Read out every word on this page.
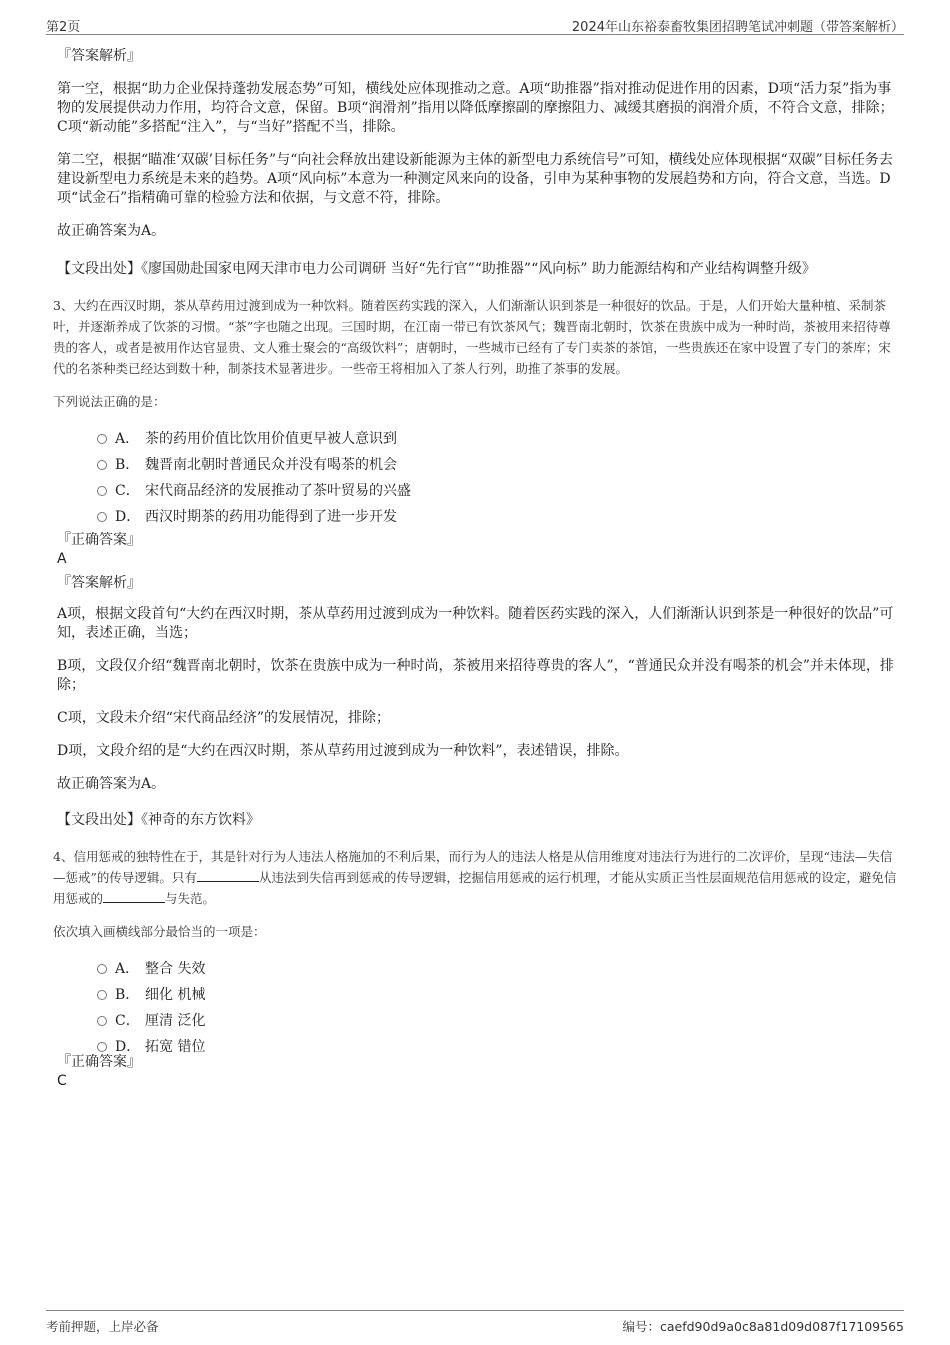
第2页	2024年山东裕泰畜牧集团招聘笔试冲刺题（带答案解析）
『答案解析』

第一空，根据“助力企业保持蓬勃发展态势”可知，横线处应体现推动之意。A项“助推器”指对推动促进作用的因素，D项“活力泵”指为事物的发展提供动力作用，均符合文意，保留。B项“润滑剂”指用以降低摩擦副的摩擦阻力、减缓其磨损的润滑介质，不符合文意，排除；C项“新动能”多搭配“注入”，与“当好”搭配不当，排除。

第二空，根据“瞄准‘双碳’目标任务”与“向社会释放出建设新能源为主体的新型电力系统信号”可知，横线处应体现根据“双碳”目标任务去建设新型电力系统是未来的趋势。A项“风向标”本意为一种测定风来向的设备，引申为某种事物的发展趋势和方向，符合文意，当选。D项“试金石”指精确可靠的检验方法和依据，与文意不符，排除。

故正确答案为A。

【文段出处】《廖国勋赴国家电网天津市电力公司调研 当好“先行官”“助推器”“风向标” 助力能源结构和产业结构调整升级》

3、大约在西汉时期，茶从草药用过渡到成为一种饮料。随着医药实践的深入，人们渐渐认识到茶是一种很好的饮品。于是，人们开始大量种植、采制茶叶，并逐渐养成了饮茶的习惯。“茶”字也随之出现。三国时期，在江南一带已有饮茶风气；魏晋南北朝时，饮茶在贵族中成为一种时尚，茶被用来招待尊贵的客人，或者是被用作达官显贵、文人雅士聚会的“高级饮料”；唐朝时，一些城市已经有了专门卖茶的茶馆，一些贵族还在家中设置了专门的茶库；宋代的名茶种类已经达到数十种，制茶技术显著进步。一些帝王将相加入了茶人行列，助推了茶事的发展。

下列说法正确的是：

A． 茶的药用价值比饮用价值更早被人意识到
B． 魏晋南北朝时普通民众并没有喝茶的机会
C． 宋代商品经济的发展推动了茶叶贸易的兴盛
D． 西汉时期茶的药用功能得到了进一步开发
『正确答案』
A
『答案解析』

A项，根据文段首句“大约在西汉时期，茶从草药用过渡到成为一种饮料。随着医药实践的深入，人们渐渐认识到茶是一种很好的饮品”可知，表述正确，当选；

B项，文段仅介绍“魏晋南北朝时，饮茶在贵族中成为一种时尚，茶被用来招待尊贵的客人”，“普通民众并没有喝茶的机会”并未体现，排除；

C项，文段未介绍“宋代商品经济”的发展情况，排除；

D项，文段介绍的是“大约在西汉时期，茶从草药用过渡到成为一种饮料”，表述错误，排除。

故正确答案为A。

【文段出处】《神奇的东方饮料》

4、信用惩戒的独特性在于，其是针对行为人违法人格施加的不利后果，而行为人的违法人格是从信用维度对违法行为进行的二次评价，呈现“违法—失信—惩戒”的传导逻辑。只有	从违法到失信再到惩戒的传导逻辑，挖掘信用惩戒的运行机理，才能从实质正当性层面规范信用惩戒的设定，避免信用惩戒的	与失范。

依次填入画横线部分最恰当的一项是：

A． 整合 失效
B． 细化 机械
C． 厘清 泛化
D． 拓宽 错位
『正确答案』
C
考前押题，上岸必备	编号：caefd90d9a0c8a81d09d087f17109565
